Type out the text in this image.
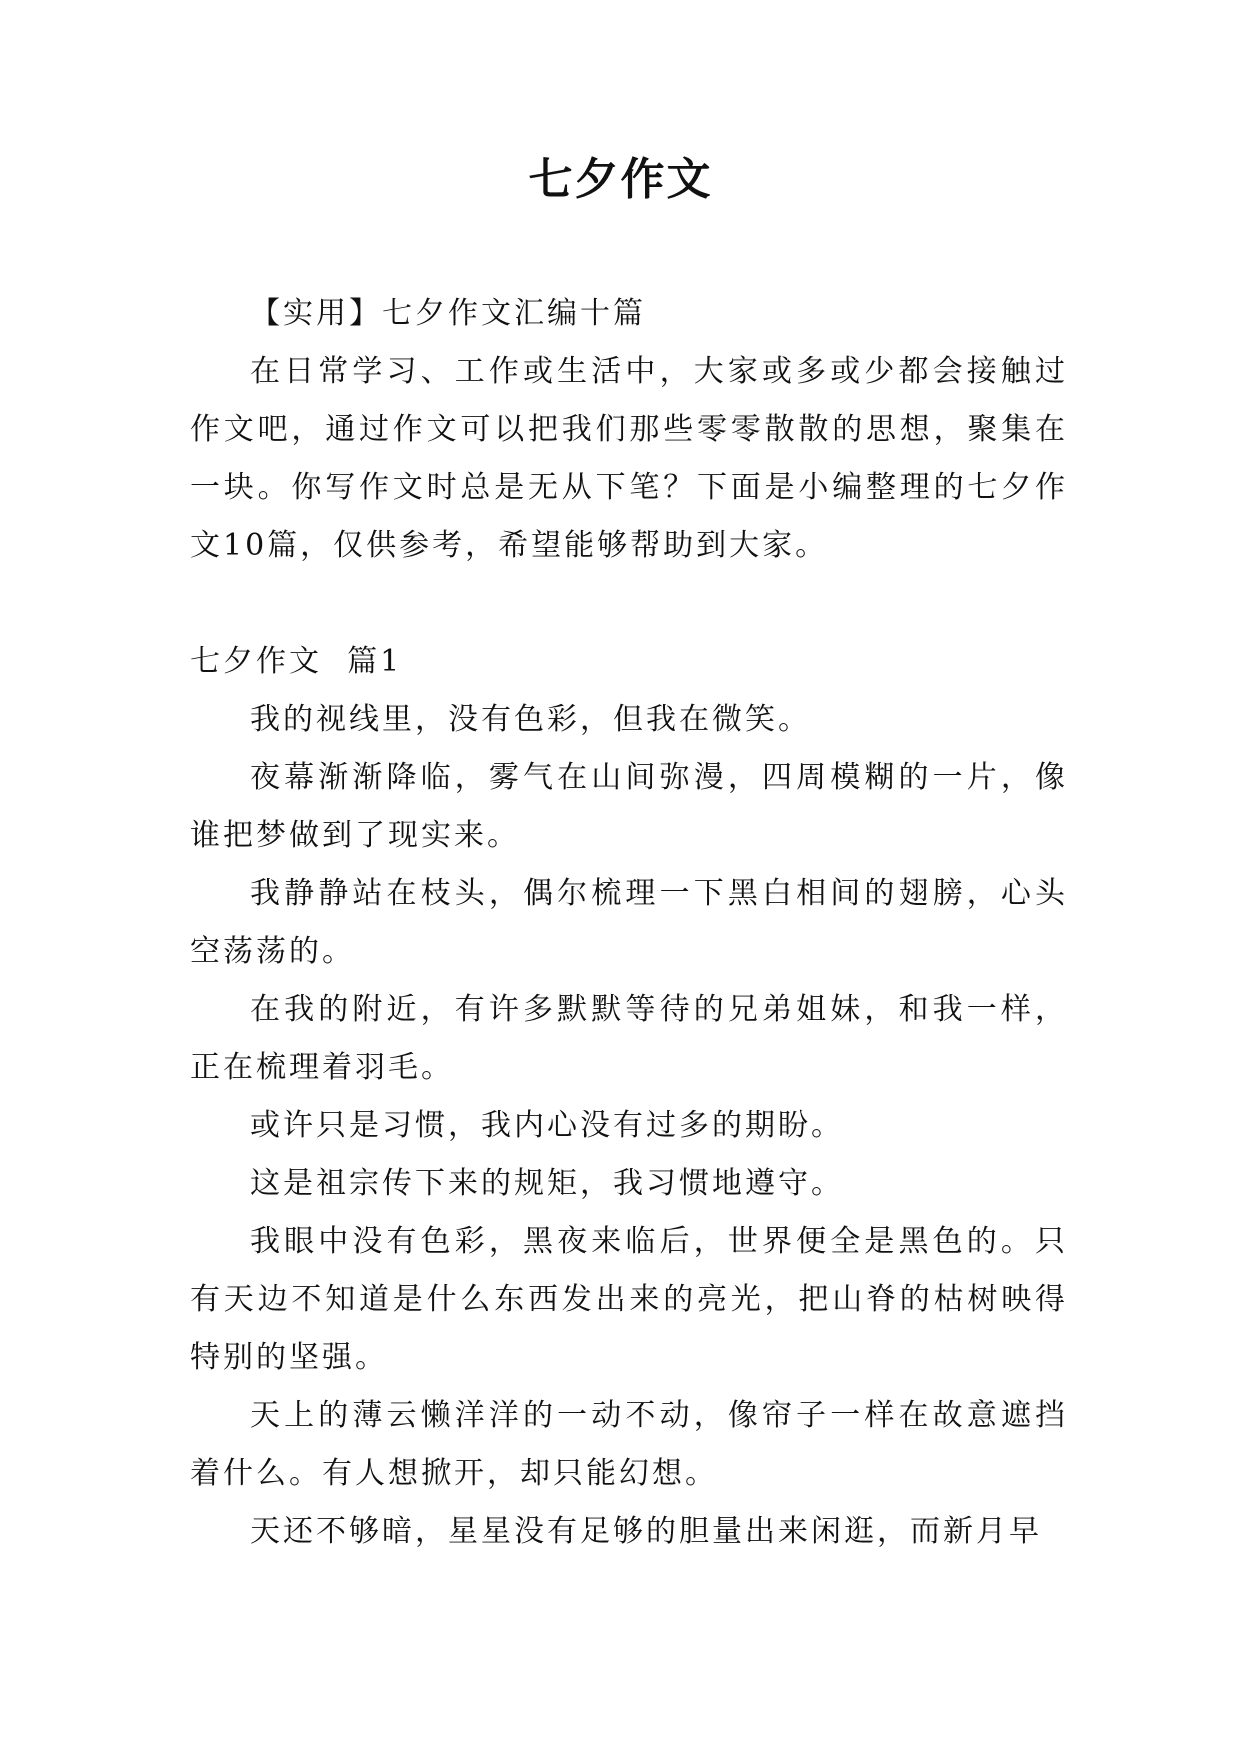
七夕作文

【实用】七夕作文汇编十篇

在日常学习、工作或生活中，大家或多或少都会接触过作文吧，通过作文可以把我们那些零零散散的思想，聚集在一块。你写作文时总是无从下笔？下面是小编整理的七夕作文10篇，仅供参考，希望能够帮助到大家。

七夕作文  篇1

我的视线里，没有色彩，但我在微笑。

夜幕渐渐降临，雾气在山间弥漫，四周模糊的一片，像谁把梦做到了现实来。

我静静站在枝头，偶尔梳理一下黑白相间的翅膀，心头空荡荡的。

在我的附近，有许多默默等待的兄弟姐妹，和我一样，正在梳理着羽毛。

或许只是习惯，我内心没有过多的期盼。

这是祖宗传下来的规矩，我习惯地遵守。

我眼中没有色彩，黑夜来临后，世界便全是黑色的。只有天边不知道是什么东西发出来的亮光，把山脊的枯树映得特别的坚强。

天上的薄云懒洋洋的一动不动，像帘子一样在故意遮挡着什么。有人想掀开，却只能幻想。

天还不够暗，星星没有足够的胆量出来闲逛，而新月早
